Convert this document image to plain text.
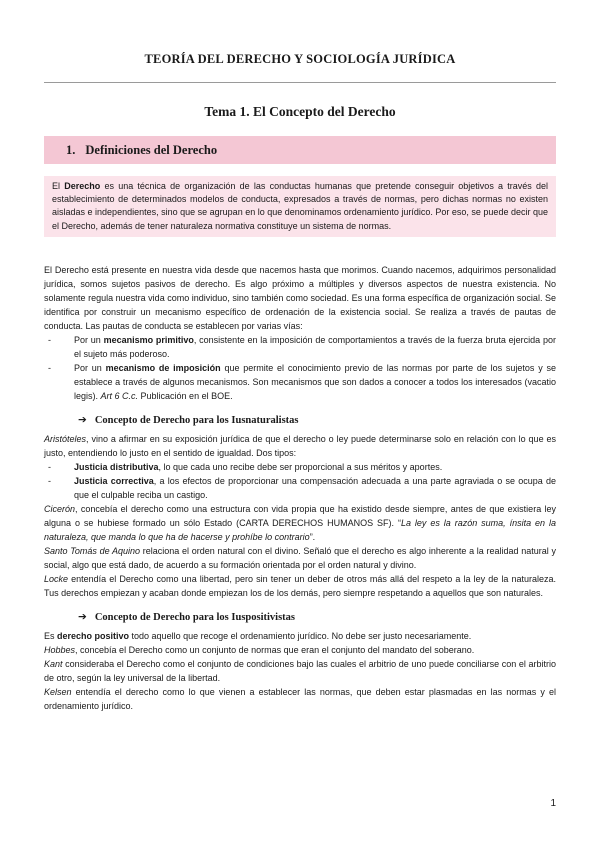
TEORÍA DEL DERECHO Y SOCIOLOGÍA JURÍDICA
Tema 1. El Concepto del Derecho
1. Definiciones del Derecho
El Derecho es una técnica de organización de las conductas humanas que pretende conseguir objetivos a través del establecimiento de determinados modelos de conducta, expresados a través de normas, pero dichas normas no existen aisladas e independientes, sino que se agrupan en lo que denominamos ordenamiento jurídico. Por eso, se puede decir que el Derecho, además de tener naturaleza normativa constituye un sistema de normas.

El Derecho está presente en nuestra vida desde que nacemos hasta que morimos. Cuando nacemos, adquirimos personalidad jurídica, somos sujetos pasivos de derecho. Es algo próximo a múltiples y diversos aspectos de nuestra existencia. No solamente regula nuestra vida como individuo, sino también como sociedad. Es una forma específica de organización social. Se identifica por construir un mecanismo específico de ordenación de la existencia social. Se realiza a través de pautas de conducta. Las pautas de conducta se establecen por varias vías:

-	Por un mecanismo primitivo, consistente en la imposición de comportamientos a través de la fuerza bruta ejercida por el sujeto más poderoso.
-	Por un mecanismo de imposición que permite el conocimiento previo de las normas por parte de los sujetos y se establece a través de algunos mecanismos. Son mecanismos que son dados a conocer a todos los interesados (vacatio legis). Art 6 C.c. Publicación en el BOE.
➔ Concepto de Derecho para los Iusnaturalistas

Aristóteles, vino a afirmar en su exposición jurídica de que el derecho o ley puede determinarse solo en relación con lo que es justo, entendiendo lo justo en el sentido de igualdad. Dos tipos:

-	Justicia distributiva, lo que cada uno recibe debe ser proporcional a sus méritos y aportes.
-	Justicia correctiva, a los efectos de proporcionar una compensación adecuada a una parte agraviada o se ocupa de que el culpable reciba un castigo.

Cicerón, concebía el derecho como una estructura con vida propia que ha existido desde siempre, antes de que existiera ley alguna o se hubiese formado un sólo Estado (CARTA DERECHOS HUMANOS SF). “La ley es la razón suma, ínsita en la naturaleza, que manda lo que ha de hacerse y prohíbe lo contrario”.

Santo Tomás de Aquino relaciona el orden natural con el divino. Señaló que el derecho es algo inherente a la realidad natural y social, algo que está dado, de acuerdo a su formación orientada por el orden natural y divino.

Locke entendía el Derecho como una libertad, pero sin tener un deber de otros más allá del respeto a la ley de la naturaleza. Tus derechos empiezan y acaban donde empiezan los de los demás, pero siempre respetando a aquellos que son naturales.

➔ Concepto de Derecho para los Iuspositivistas

Es derecho positivo todo aquello que recoge el ordenamiento jurídico. No debe ser justo necesariamente.

Hobbes, concebía el Derecho como un conjunto de normas que eran el conjunto del mandato del soberano.

Kant consideraba el Derecho como el conjunto de condiciones bajo las cuales el arbitrio de uno puede conciliarse con el arbitrio de otro, según la ley universal de la libertad.

Kelsen entendía el derecho como lo que vienen a establecer las normas, que deben estar plasmadas en las normas y el ordenamiento jurídico.

1
